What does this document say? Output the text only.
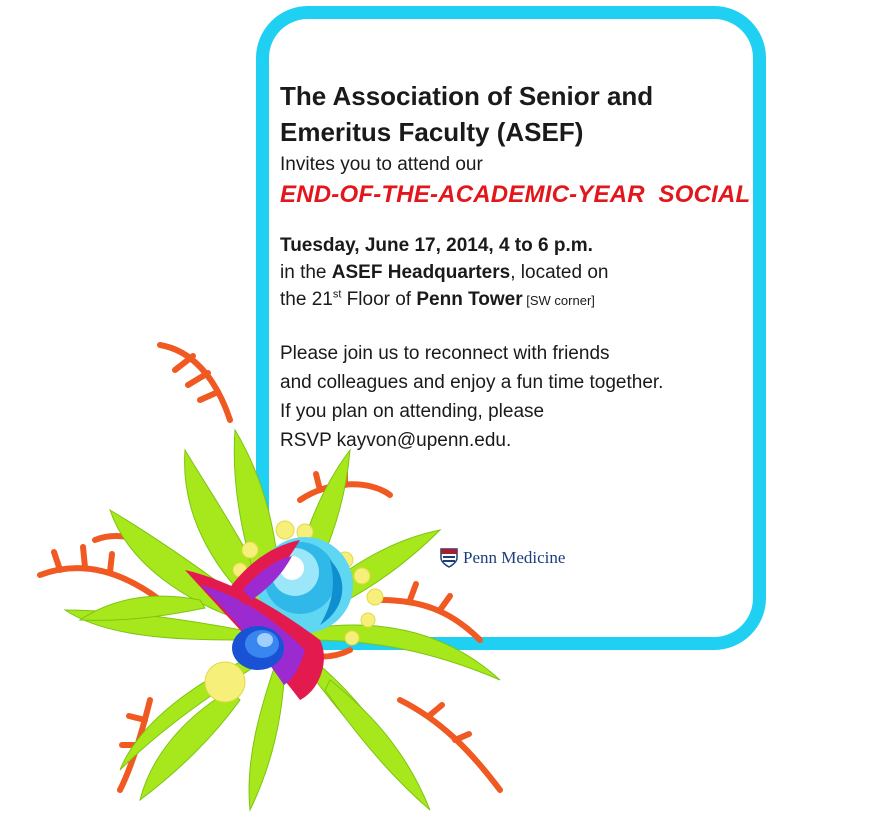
The Association of Senior and
Emeritus Faculty (ASEF)
Invites you to attend our
END-OF-THE-ACADEMIC-YEAR  SOCIAL
Tuesday, June 17, 2014, 4 to 6 p.m.
in the ASEF Headquarters, located on
the 21st Floor of Penn Tower [SW corner]
Please join us to reconnect with friends
and colleagues and enjoy a fun time together.
If you plan on attending, please
RSVP kayvon@upenn.edu.
Penn Medicine
